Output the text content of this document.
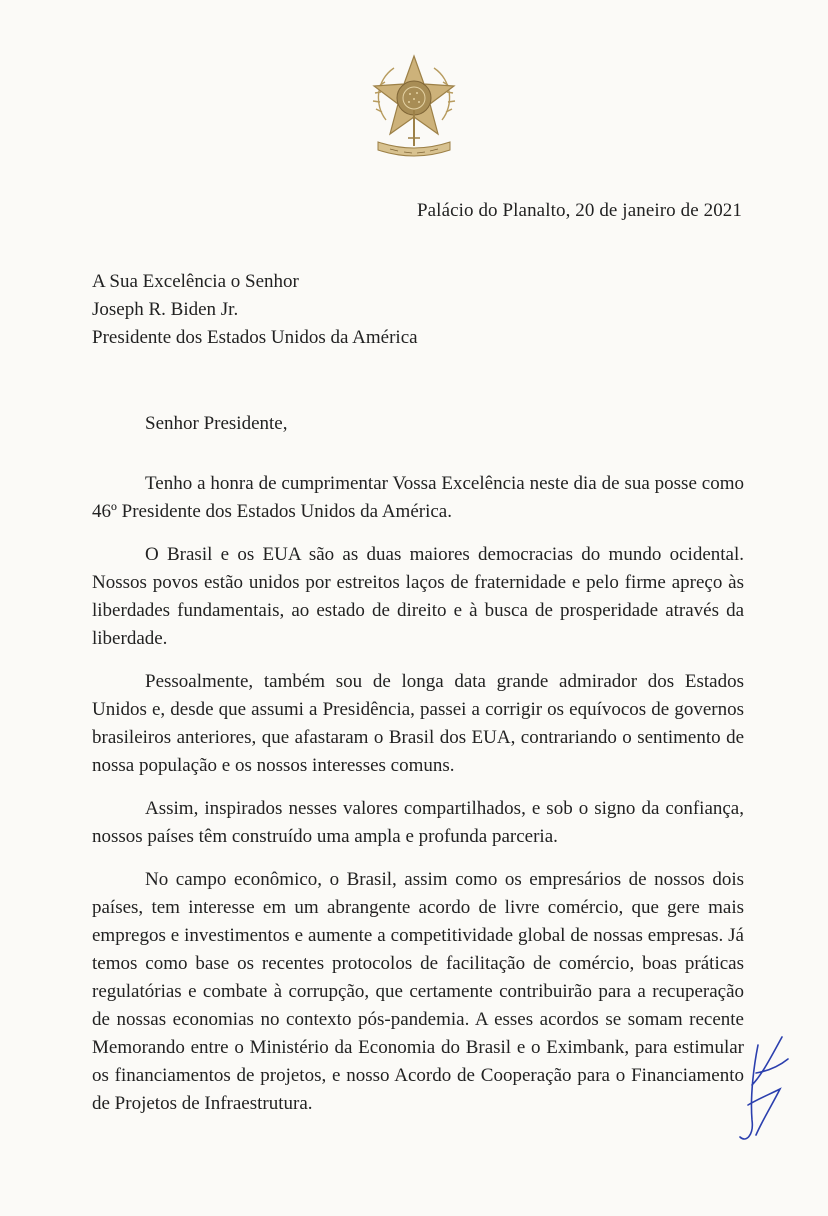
Palácio do Planalto, 20 de janeiro de 2021
A Sua Excelência o Senhor
Joseph R. Biden Jr.
Presidente dos Estados Unidos da América
Senhor Presidente,

Tenho a honra de cumprimentar Vossa Excelência neste dia de sua posse como 46º Presidente dos Estados Unidos da América.

O Brasil e os EUA são as duas maiores democracias do mundo ocidental. Nossos povos estão unidos por estreitos laços de fraternidade e pelo firme apreço às liberdades fundamentais, ao estado de direito e à busca de prosperidade através da liberdade.

Pessoalmente, também sou de longa data grande admirador dos Estados Unidos e, desde que assumi a Presidência, passei a corrigir os equívocos de governos brasileiros anteriores, que afastaram o Brasil dos EUA, contrariando o sentimento de nossa população e os nossos interesses comuns.

Assim, inspirados nesses valores compartilhados, e sob o signo da confiança, nossos países têm construído uma ampla e profunda parceria.

No campo econômico, o Brasil, assim como os empresários de nossos dois países, tem interesse em um abrangente acordo de livre comércio, que gere mais empregos e investimentos e aumente a competitividade global de nossas empresas. Já temos como base os recentes protocolos de facilitação de comércio, boas práticas regulatórias e combate à corrupção, que certamente contribuirão para a recuperação de nossas economias no contexto pós-pandemia. A esses acordos se somam recente Memorando entre o Ministério da Economia do Brasil e o Eximbank, para estimular os financiamentos de projetos, e nosso Acordo de Cooperação para o Financiamento de Projetos de Infraestrutura.
